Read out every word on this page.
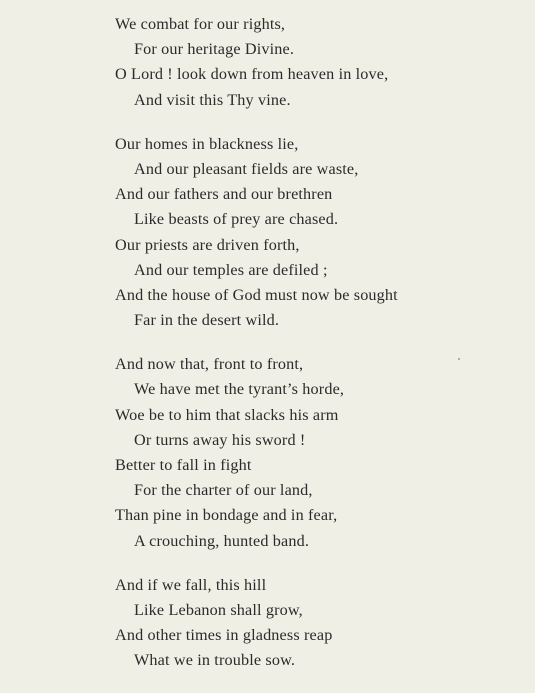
We combat for our rights,
For our heritage Divine.
O Lord ! look down from heaven in love,
And visit this Thy vine.
Our homes in blackness lie,
And our pleasant fields are waste,
And our fathers and our brethren
Like beasts of prey are chased.
Our priests are driven forth,
And our temples are defiled ;
And the house of God must now be sought
Far in the desert wild.
And now that, front to front,
We have met the tyrant’s horde,
Woe be to him that slacks his arm
Or turns away his sword !
Better to fall in fight
For the charter of our land,
Than pine in bondage and in fear,
A crouching, hunted band.
And if we fall, this hill
Like Lebanon shall grow,
And other times in gladness reap
What we in trouble sow.
